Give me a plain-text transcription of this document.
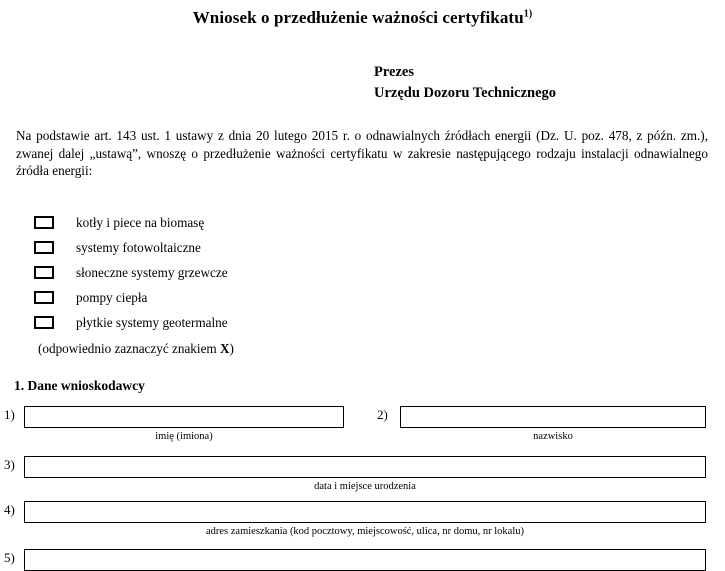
Wniosek o przedłużenie ważności certyfikatu$^{1)}$
Prezes
Urzędu Dozoru Technicznego
Na podstawie art. 143 ust. 1 ustawy z dnia 20 lutego 2015 r. o odnawialnych źródłach energii (Dz. U. poz. 478, z późn. zm.), zwanej dalej „ustawą”, wnoszę o przedłużenie ważności certyfikatu w zakresie następującego rodzaju instalacji odnawialnego źródła energii:
kotły i piece na biomasę
systemy fotowoltaiczne
słoneczne systemy grzewcze
pompy ciepła
płytkie systemy geotermalne
(odpowiednio zaznaczyć znakiem X)
1. Dane wnioskodawcy
1)
imię (imiona)
2)
nazwisko
3)
data i miejsce urodzenia
4)
adres zamieszkania (kod pocztowy, miejscowość, ulica, nr domu, nr lokalu)
5)
